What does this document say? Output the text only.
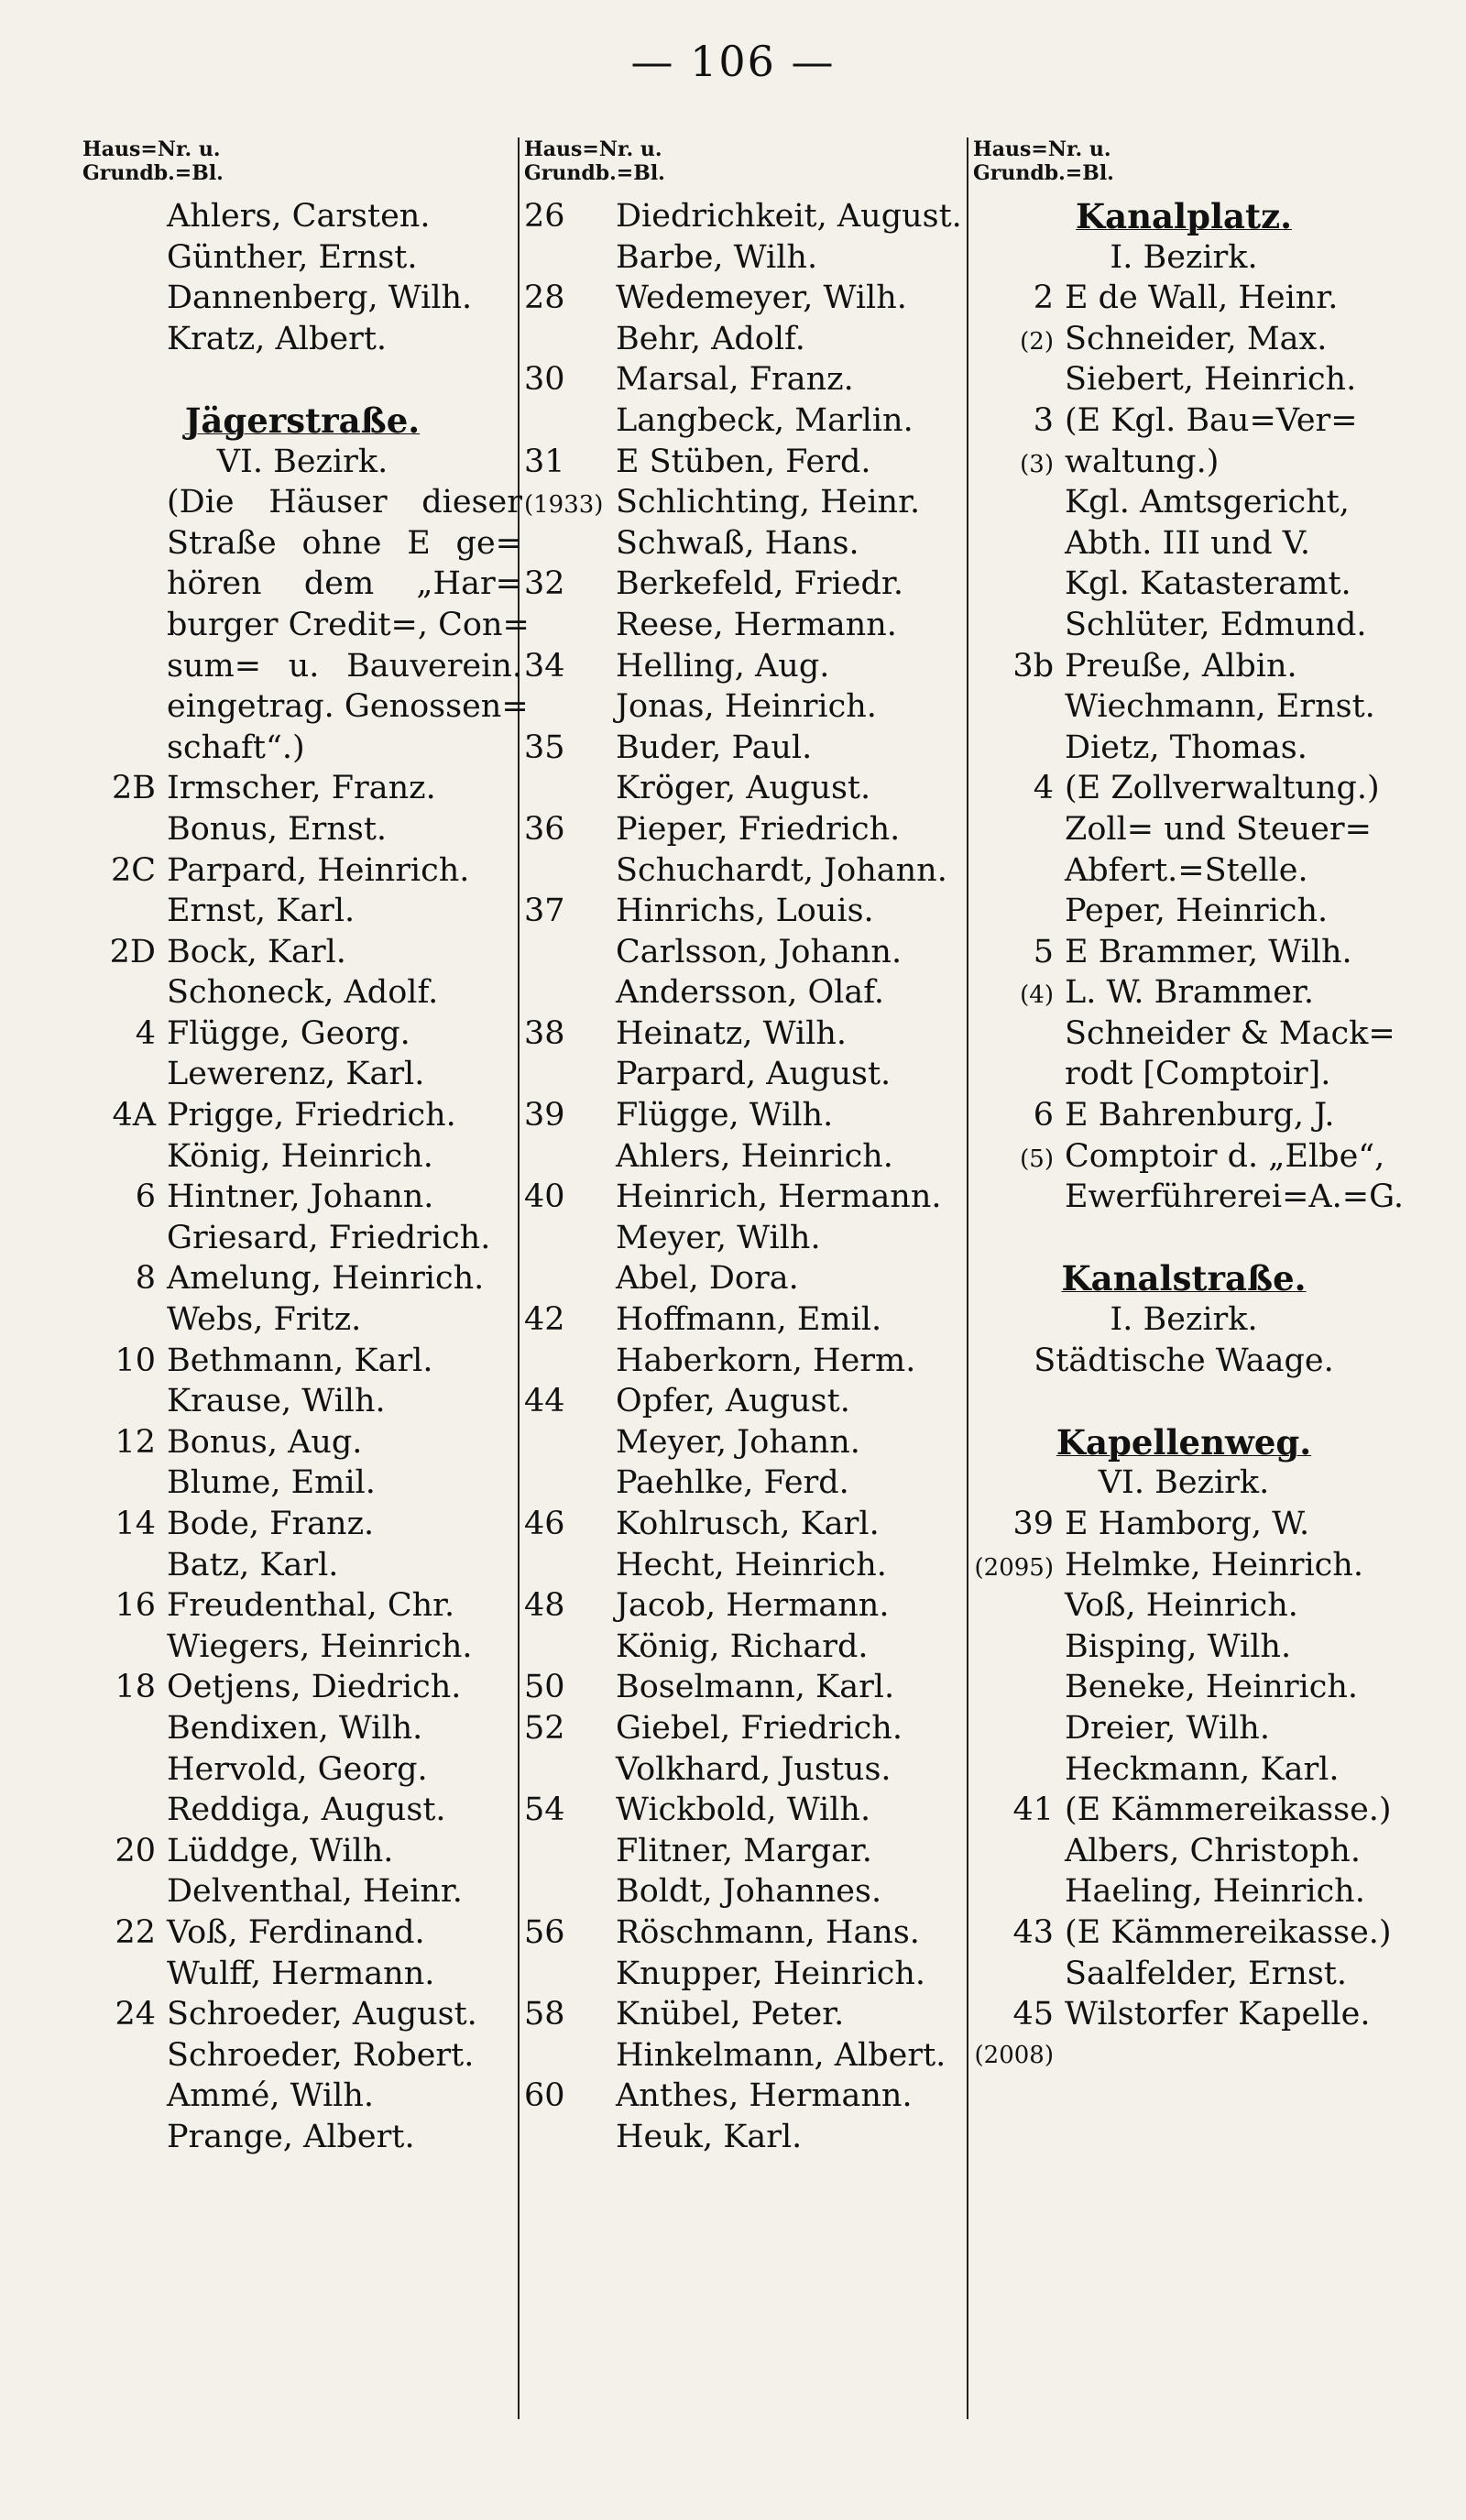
— 106 —
Haus=Nr. u.
Grundb.=Bl.
Ahlers, Carsten.
Günther, Ernst.
Dannenberg, Wilh.
Kratz, Albert.
Jägerstraße.
VI. Bezirk.
(Die Häuser dieser
Straße ohne E ge=
hören dem „Har=
burger Credit=, Con=
sum= u. Bauverein.
eingetrag. Genossen=
schaft“.)
2B Irmscher, Franz.
Bonus, Ernst.
2C Parpard, Heinrich.
Ernst, Karl.
2D Bock, Karl.
Schoneck, Adolf.
4 Flügge, Georg.
Lewerenz, Karl.
4A Prigge, Friedrich.
König, Heinrich.
6 Hintner, Johann.
Griesard, Friedrich.
8 Amelung, Heinrich.
Webs, Fritz.
10 Bethmann, Karl.
Krause, Wilh.
12 Bonus, Aug.
Blume, Emil.
14 Bode, Franz.
Batz, Karl.
16 Freudenthal, Chr.
Wiegers, Heinrich.
18 Oetjens, Diedrich.
Bendixen, Wilh.
Hervold, Georg.
Reddiga, August.
20 Lüddge, Wilh.
Delventhal, Heinr.
22 Voß, Ferdinand.
Wulff, Hermann.
24 Schroeder, August.
Schroeder, Robert.
Ammé, Wilh.
Prange, Albert.
Haus=Nr. u.
Grundb.=Bl.
26	Diedrichkeit, August.
Barbe, Wilh.
28	Wedemeyer, Wilh.
Behr, Adolf.
30	Marsal, Franz.
Langbeck, Marlin.
31	E Stüben, Ferd.
(1933) Schlichting, Heinr.
Schwaß, Hans.
32	Berkefeld, Friedr.
Reese, Hermann.
34	Helling, Aug.
Jonas, Heinrich.
35	Buder, Paul.
Kröger, August.
36	Pieper, Friedrich.
Schuchardt, Johann.
37	Hinrichs, Louis.
Carlsson, Johann.
Andersson, Olaf.
38	Heinatz, Wilh.
Parpard, August.
39	Flügge, Wilh.
Ahlers, Heinrich.
40	Heinrich, Hermann.
Meyer, Wilh.
Abel, Dora.
42	Hoffmann, Emil.
Haberkorn, Herm.
44	Opfer, August.
Meyer, Johann.
Paehlke, Ferd.
46	Kohlrusch, Karl.
Hecht, Heinrich.
48	Jacob, Hermann.
König, Richard.
50	Boselmann, Karl.
52	Giebel, Friedrich.
Volkhard, Justus.
54	Wickbold, Wilh.
Flitner, Margar.
Boldt, Johannes.
56	Röschmann, Hans.
Knupper, Heinrich.
58	Knübel, Peter.
Hinkelmann, Albert.
60	Anthes, Hermann.
Heuk, Karl.
Haus=Nr. u.
Grundb.=Bl.
Kanalplatz.
I. Bezirk.
2 E de Wall, Heinr.
(2) Schneider, Max.
Siebert, Heinrich.
3 (E Kgl. Bau=Ver=
(3) waltung.)
Kgl. Amtsgericht,
Abth. III und V.
Kgl. Katasteramt.
Schlüter, Edmund.
3b Preuße, Albin.
Wiechmann, Ernst.
Dietz, Thomas.
4 (E Zollverwaltung.)
Zoll= und Steuer=
Abfert.=Stelle.
Peper, Heinrich.
5 E Brammer, Wilh.
(4) L. W. Brammer.
Schneider & Mack=
rodt [Comptoir].
6 E Bahrenburg, J.
(5) Comptoir d. „Elbe“,
Ewerführerei=A.=G.
Kanalstraße.
I. Bezirk.
Städtische Waage.
Kapellenweg.
VI. Bezirk.
39 E Hamborg, W.
(2095) Helmke, Heinrich.
Voß, Heinrich.
Bisping, Wilh.
Beneke, Heinrich.
Dreier, Wilh.
Heckmann, Karl.
41 (E Kämmereikasse.)
Albers, Christoph.
Haeling, Heinrich.
43 (E Kämmereikasse.)
Saalfelder, Ernst.
45 Wilstorfer Kapelle.
(2008)
